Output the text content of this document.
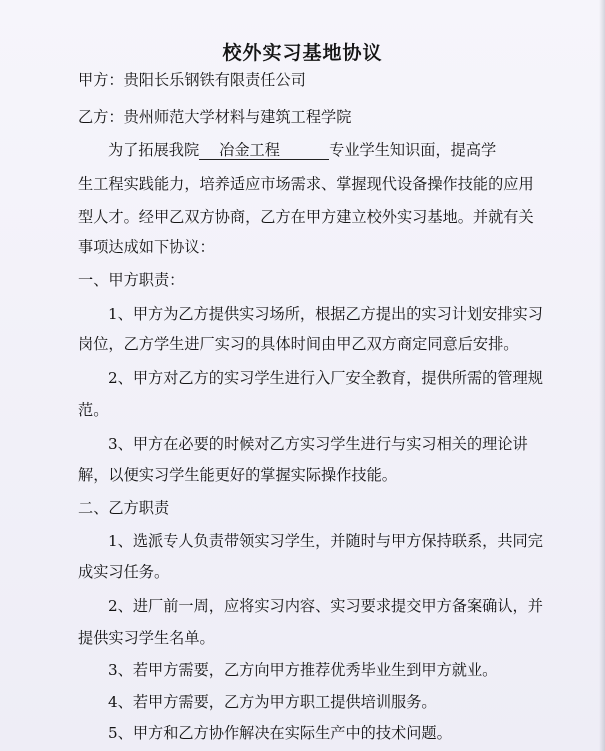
校外实习基地协议
甲方：贵阳长乐钢铁有限责任公司
乙方：贵州师范大学材料与建筑工程学院
为了拓展我院 冶金工程	专业学生知识面，提高学
生工程实践能力，培养适应市场需求、掌握现代设备操作技能的应用
型人才。经甲乙双方协商，乙方在甲方建立校外实习基地。并就有关
事项达成如下协议：
一、甲方职责：
1、甲方为乙方提供实习场所，根据乙方提出的实习计划安排实习
岗位，乙方学生进厂实习的具体时间由甲乙双方商定同意后安排。
2、甲方对乙方的实习学生进行入厂安全教育，提供所需的管理规
范。
3、甲方在必要的时候对乙方实习学生进行与实习相关的理论讲
解，以便实习学生能更好的掌握实际操作技能。
二、乙方职责
1、选派专人负责带领实习学生，并随时与甲方保持联系，共同完
成实习任务。
2、进厂前一周，应将实习内容、实习要求提交甲方备案确认，并
提供实习学生名单。
3、若甲方需要，乙方向甲方推荐优秀毕业生到甲方就业。
4、若甲方需要，乙方为甲方职工提供培训服务。
5、甲方和乙方协作解决在实际生产中的技术问题。
